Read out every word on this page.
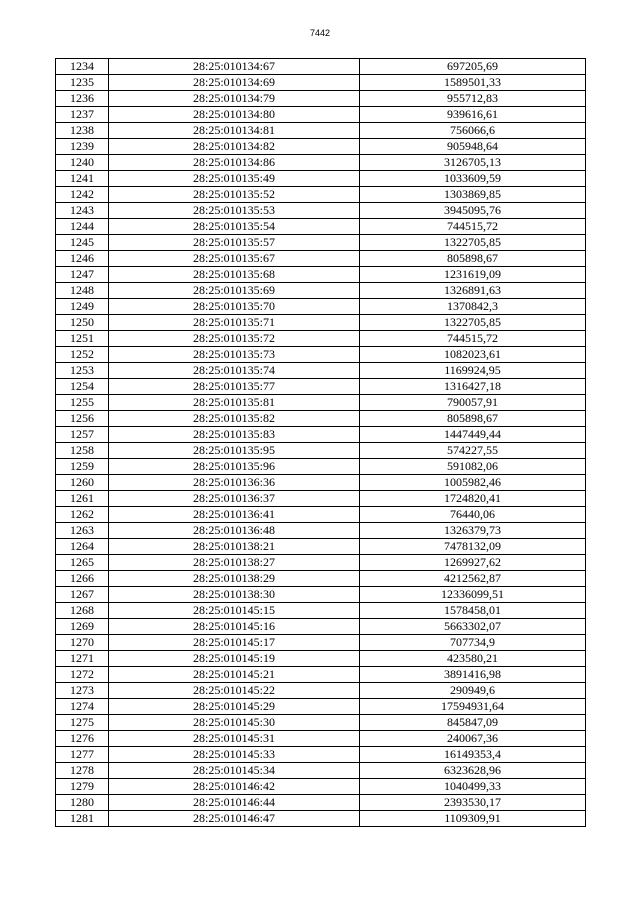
7442
1234	28:25:010134:67	697205,69
1235	28:25:010134:69	1589501,33
1236	28:25:010134:79	955712,83
1237	28:25:010134:80	939616,61
1238	28:25:010134:81	756066,6
1239	28:25:010134:82	905948,64
1240	28:25:010134:86	3126705,13
1241	28:25:010135:49	1033609,59
1242	28:25:010135:52	1303869,85
1243	28:25:010135:53	3945095,76
1244	28:25:010135:54	744515,72
1245	28:25:010135:57	1322705,85
1246	28:25:010135:67	805898,67
1247	28:25:010135:68	1231619,09
1248	28:25:010135:69	1326891,63
1249	28:25:010135:70	1370842,3
1250	28:25:010135:71	1322705,85
1251	28:25:010135:72	744515,72
1252	28:25:010135:73	1082023,61
1253	28:25:010135:74	1169924,95
1254	28:25:010135:77	1316427,18
1255	28:25:010135:81	790057,91
1256	28:25:010135:82	805898,67
1257	28:25:010135:83	1447449,44
1258	28:25:010135:95	574227,55
1259	28:25:010135:96	591082,06
1260	28:25:010136:36	1005982,46
1261	28:25:010136:37	1724820,41
1262	28:25:010136:41	76440,06
1263	28:25:010136:48	1326379,73
1264	28:25:010138:21	7478132,09
1265	28:25:010138:27	1269927,62
1266	28:25:010138:29	4212562,87
1267	28:25:010138:30	12336099,51
1268	28:25:010145:15	1578458,01
1269	28:25:010145:16	5663302,07
1270	28:25:010145:17	707734,9
1271	28:25:010145:19	423580,21
1272	28:25:010145:21	3891416,98
1273	28:25:010145:22	290949,6
1274	28:25:010145:29	17594931,64
1275	28:25:010145:30	845847,09
1276	28:25:010145:31	240067,36
1277	28:25:010145:33	16149353,4
1278	28:25:010145:34	6323628,96
1279	28:25:010146:42	1040499,33
1280	28:25:010146:44	2393530,17
1281	28:25:010146:47	1109309,91
